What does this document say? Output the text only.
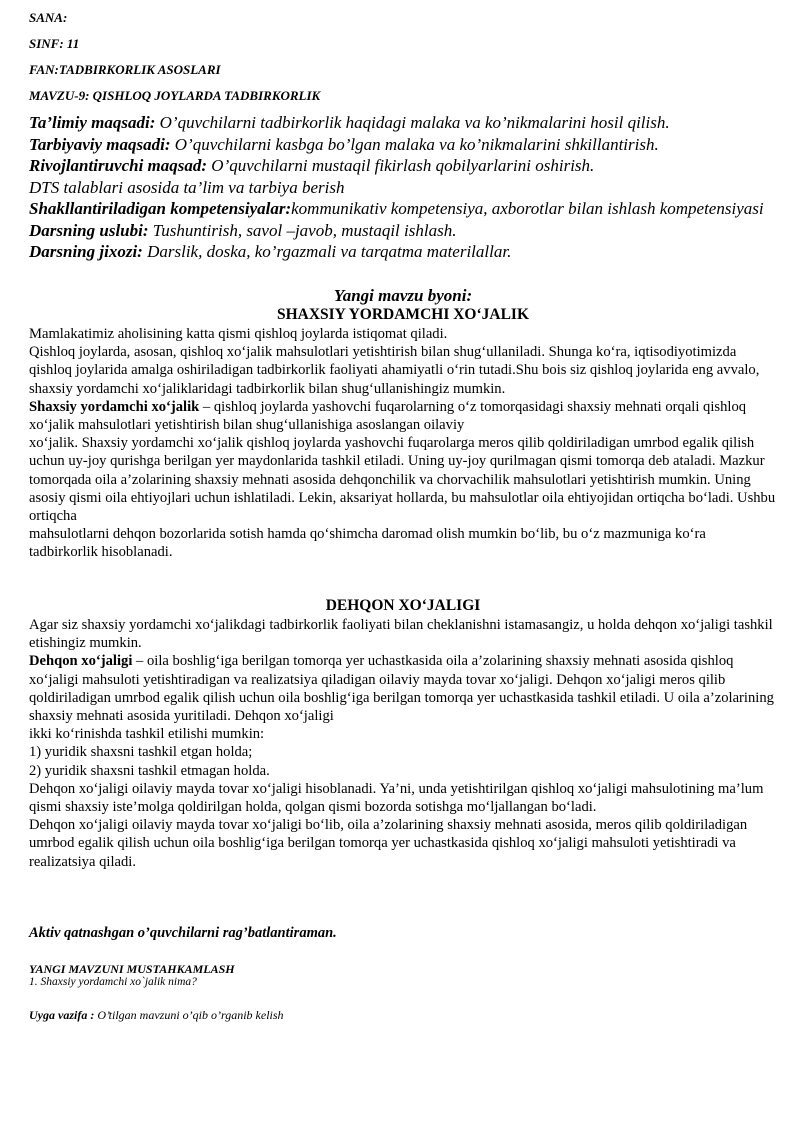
SANA:
SINF: 11
FAN:TADBIRKORLIK ASOSLARI
MAVZU-9: QISHLOQ JOYLARDA TADBIRKORLIK
Ta’limiy maqsadi: O’quvchilarni tadbirkorlik haqidagi malaka va ko’nikmalarini hosil qilish.
Tarbiyaviy maqsadi: O’quvchilarni kasbga bo’lgan malaka va ko’nikmalarini shkillantirish.
Rivojlantiruvchi maqsad: O’quvchilarni mustaqil fikirlash qobilyarlarini oshirish.
DTS talablari asosida ta’lim va tarbiya berish
Shakllantiriladigan kompetensiyalar:kommunikativ kompetensiya, axborotlar bilan ishlash kompetensiyasi
Darsning uslubi: Tushuntirish, savol –javob, mustaqil ishlash.
Darsning jixozi: Darslik, doska, ko’rgazmali va tarqatma materilallar.
Yangi mavzu byoni:
SHAXSIY YORDAMCHI XO‘JALIK

Mamlakatimiz aholisining katta qismi qishloq joylarda istiqomat qiladi.

Qishloq joylarda, asosan, qishloq xo‘jalik mahsulotlari yetishtirish bilan shug‘ullaniladi. Shunga ko‘ra, iqtisodiyotimizda qishloq joylarida amalga oshiriladigan tadbirkorlik faoliyati ahamiyatli o‘rin tutadi.Shu bois siz qishloq joylarida eng avvalo, shaxsiy yordamchi xo‘jaliklaridagi tadbirkorlik bilan shug‘ullanishingiz mumkin.

Shaxsiy yordamchi xo‘jalik – qishloq joylarda yashovchi fuqarolarning o‘z tomorqasidagi shaxsiy mehnati orqali qishloq xo‘jalik mahsulotlari yetishtirish bilan shug‘ullanishiga asoslangan oilaviy

xo‘jalik. Shaxsiy yordamchi xo‘jalik qishloq joylarda yashovchi fuqarolarga meros qilib qoldiriladigan umrbod egalik qilish uchun uy-joy qurishga berilgan yer maydonlarida tashkil etiladi. Uning uy-joy qurilmagan qismi tomorqa deb ataladi. Mazkur tomorqada oila a’zolarining shaxsiy mehnati asosida dehqonchilik va chorvachilik mahsulotlari yetishtirish mumkin. Uning asosiy qismi oila ehtiyojlari uchun ishlatiladi. Lekin, aksariyat hollarda, bu mahsulotlar oila ehtiyojidan ortiqcha bo‘ladi. Ushbu ortiqcha

mahsulotlarni dehqon bozorlarida sotish hamda qo‘shimcha daromad olish mumkin bo‘lib, bu o‘z mazmuniga ko‘ra tadbirkorlik hisoblanadi.

DEHQON XO‘JALIGI

Agar siz shaxsiy yordamchi xo‘jalikdagi tadbirkorlik faoliyati bilan cheklanishni istamasangiz, u holda dehqon xo‘jaligi tashkil etishingiz mumkin.

Dehqon xo‘jaligi – oila boshlig‘iga berilgan tomorqa yer uchastkasida oila a’zolarining shaxsiy mehnati asosida qishloq xo‘jaligi mahsuloti yetishtiradigan va realizatsiya qiladigan oilaviy mayda tovar xo‘jaligi. Dehqon xo‘jaligi meros qilib qoldiriladigan umrbod egalik qilish uchun oila boshlig‘iga berilgan tomorqa yer uchastkasida tashkil etiladi. U oila a’zolarining shaxsiy mehnati asosida yuritiladi. Dehqon xo‘jaligi

ikki ko‘rinishda tashkil etilishi mumkin:

1) yuridik shaxsni tashkil etgan holda;

2) yuridik shaxsni tashkil etmagan holda.

Dehqon xo‘jaligi oilaviy mayda tovar xo‘jaligi hisoblanadi. Ya’ni, unda yetishtirilgan qishloq xo‘jaligi mahsulotining ma’lum qismi shaxsiy iste’molga qoldirilgan holda, qolgan qismi bozorda sotishga mo‘ljallangan bo‘ladi.

Dehqon xo‘jaligi oilaviy mayda tovar xo‘jaligi bo‘lib, oila a’zolarining shaxsiy mehnati asosida, meros qilib qoldiriladigan umrbod egalik qilish uchun oila boshlig‘iga berilgan tomorqa yer uchastkasida qishloq xo‘jaligi mahsuloti yetishtiradi va realizatsiya qiladi.

Aktiv qatnashgan o’quvchilarni rag’batlantiraman.
YANGI MAVZUNI MUSTAHKAMLASH
1. Shaxsiy yordamchi xo`jalik nima?
Uyga vazifa : O’tilgan mavzuni o’qib o’rganib kelish
